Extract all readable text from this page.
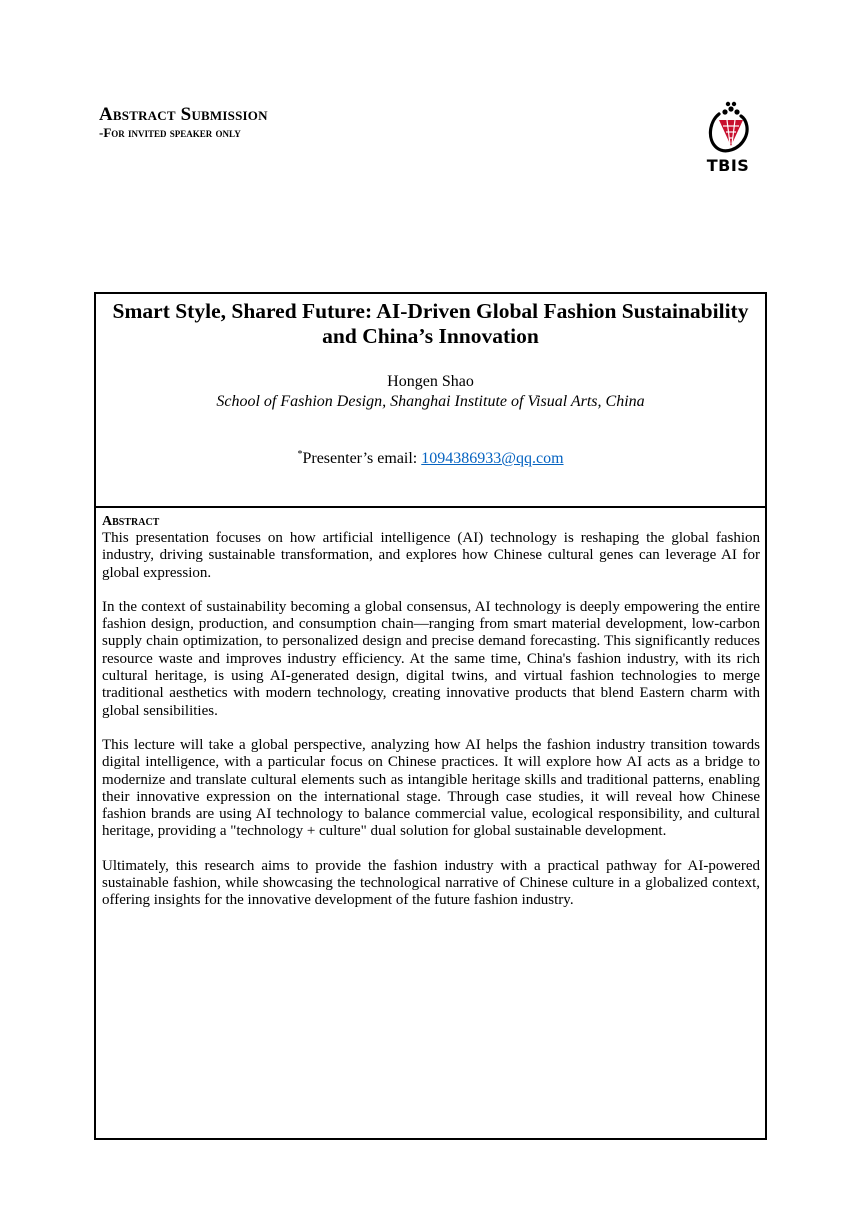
Abstract Submission
-For invited speaker only
TBIS
Smart Style, Shared Future: AI-Driven Global Fashion Sustainability and China’s Innovation
Hongen Shao
School of Fashion Design, Shanghai Institute of Visual Arts, China
*Presenter’s email: 1094386933@qq.com
Abstract

This presentation focuses on how artificial intelligence (AI) technology is reshaping the global fashion industry, driving sustainable transformation, and explores how Chinese cultural genes can leverage AI for global expression.

In the context of sustainability becoming a global consensus, AI technology is deeply empowering the entire fashion design, production, and consumption chain—ranging from smart material development, low-carbon supply chain optimization, to personalized design and precise demand forecasting. This significantly reduces resource waste and improves industry efficiency. At the same time, China's fashion industry, with its rich cultural heritage, is using AI-generated design, digital twins, and virtual fashion technologies to merge traditional aesthetics with modern technology, creating innovative products that blend Eastern charm with global sensibilities.

This lecture will take a global perspective, analyzing how AI helps the fashion industry transition towards digital intelligence, with a particular focus on Chinese practices. It will explore how AI acts as a bridge to modernize and translate cultural elements such as intangible heritage skills and traditional patterns, enabling their innovative expression on the international stage. Through case studies, it will reveal how Chinese fashion brands are using AI technology to balance commercial value, ecological responsibility, and cultural heritage, providing a "technology + culture" dual solution for global sustainable development.

Ultimately, this research aims to provide the fashion industry with a practical pathway for AI-powered sustainable fashion, while showcasing the technological narrative of Chinese culture in a globalized context, offering insights for the innovative development of the future fashion industry.
